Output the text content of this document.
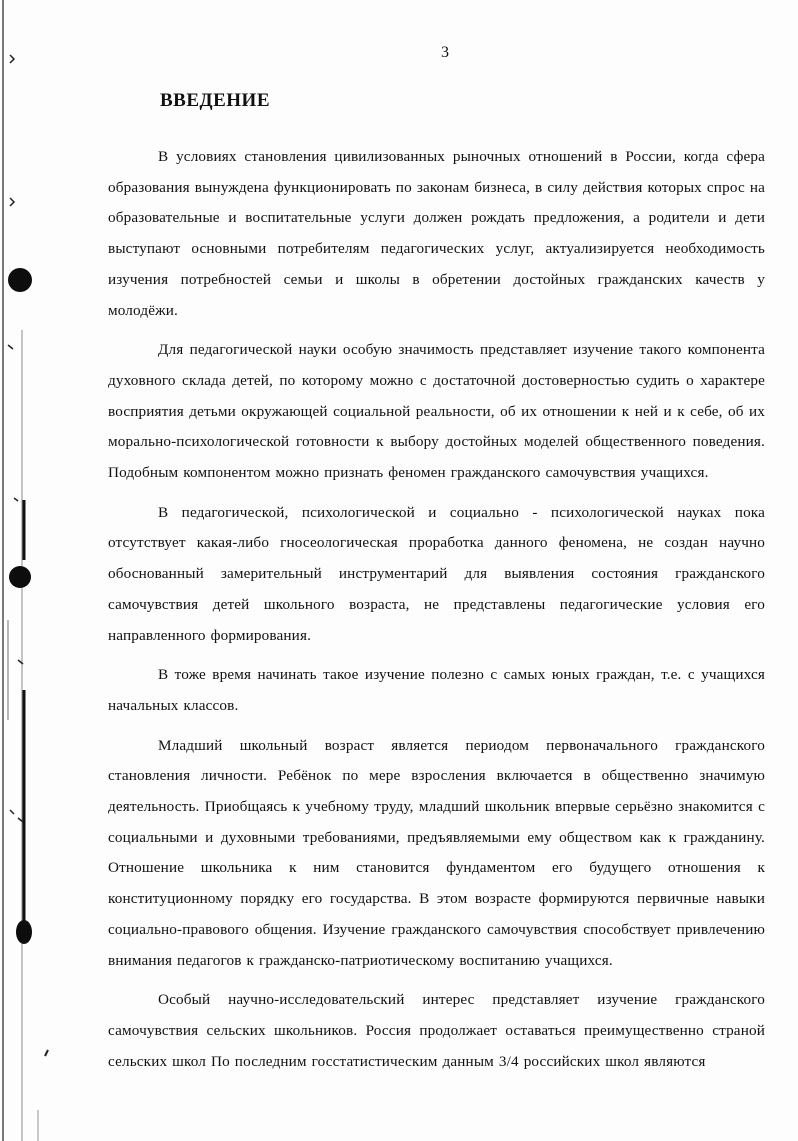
3
ВВЕДЕНИЕ

В условиях становления цивилизованных рыночных отношений в России, когда сфера образования вынуждена функционировать по законам бизнеса, в силу действия которых спрос на образовательные и воспитательные услуги должен рождать предложения, а родители и дети выступают основными потребителям педагогических услуг, актуализируется необходимость изучения потребностей семьи и школы в обретении достойных гражданских качеств у молодёжи.

Для педагогической науки особую значимость представляет изучение такого компонента духовного склада детей, по которому можно с достаточной достоверностью судить о характере восприятия детьми окружающей социальной реальности, об их отношении к ней и к себе, об их морально-психологической готовности к выбору достойных моделей общественного поведения. Подобным компонентом можно признать феномен гражданского самочувствия учащихся.

В педагогической, психологической и социально - психологической науках пока отсутствует какая-либо гносеологическая проработка данного феномена, не создан научно обоснованный замерительный инструментарий для выявления состояния гражданского самочувствия детей школьного возраста, не представлены педагогические условия его направленного формирования.

В тоже время начинать такое изучение полезно с самых юных граждан, т.е. с учащихся начальных классов.

Младший школьный возраст является периодом первоначального гражданского становления личности. Ребёнок по мере взросления включается в общественно значимую деятельность. Приобщаясь к учебному труду, младший школьник впервые серьёзно знакомится с социальными и духовными требованиями, предъявляемыми ему обществом как к гражданину. Отношение школьника к ним становится фундаментом его будущего отношения к конституционному порядку его государства. В этом возрасте формируются первичные навыки социально-правового общения. Изучение гражданского самочувствия способствует привлечению внимания педагогов к гражданско-патриотическому воспитанию учащихся.

Особый научно-исследовательский интерес представляет изучение гражданского самочувствия сельских школьников. Россия продолжает оставаться преимущественно страной сельских школ По последним госстатистическим данным 3/4 российских школ являются
